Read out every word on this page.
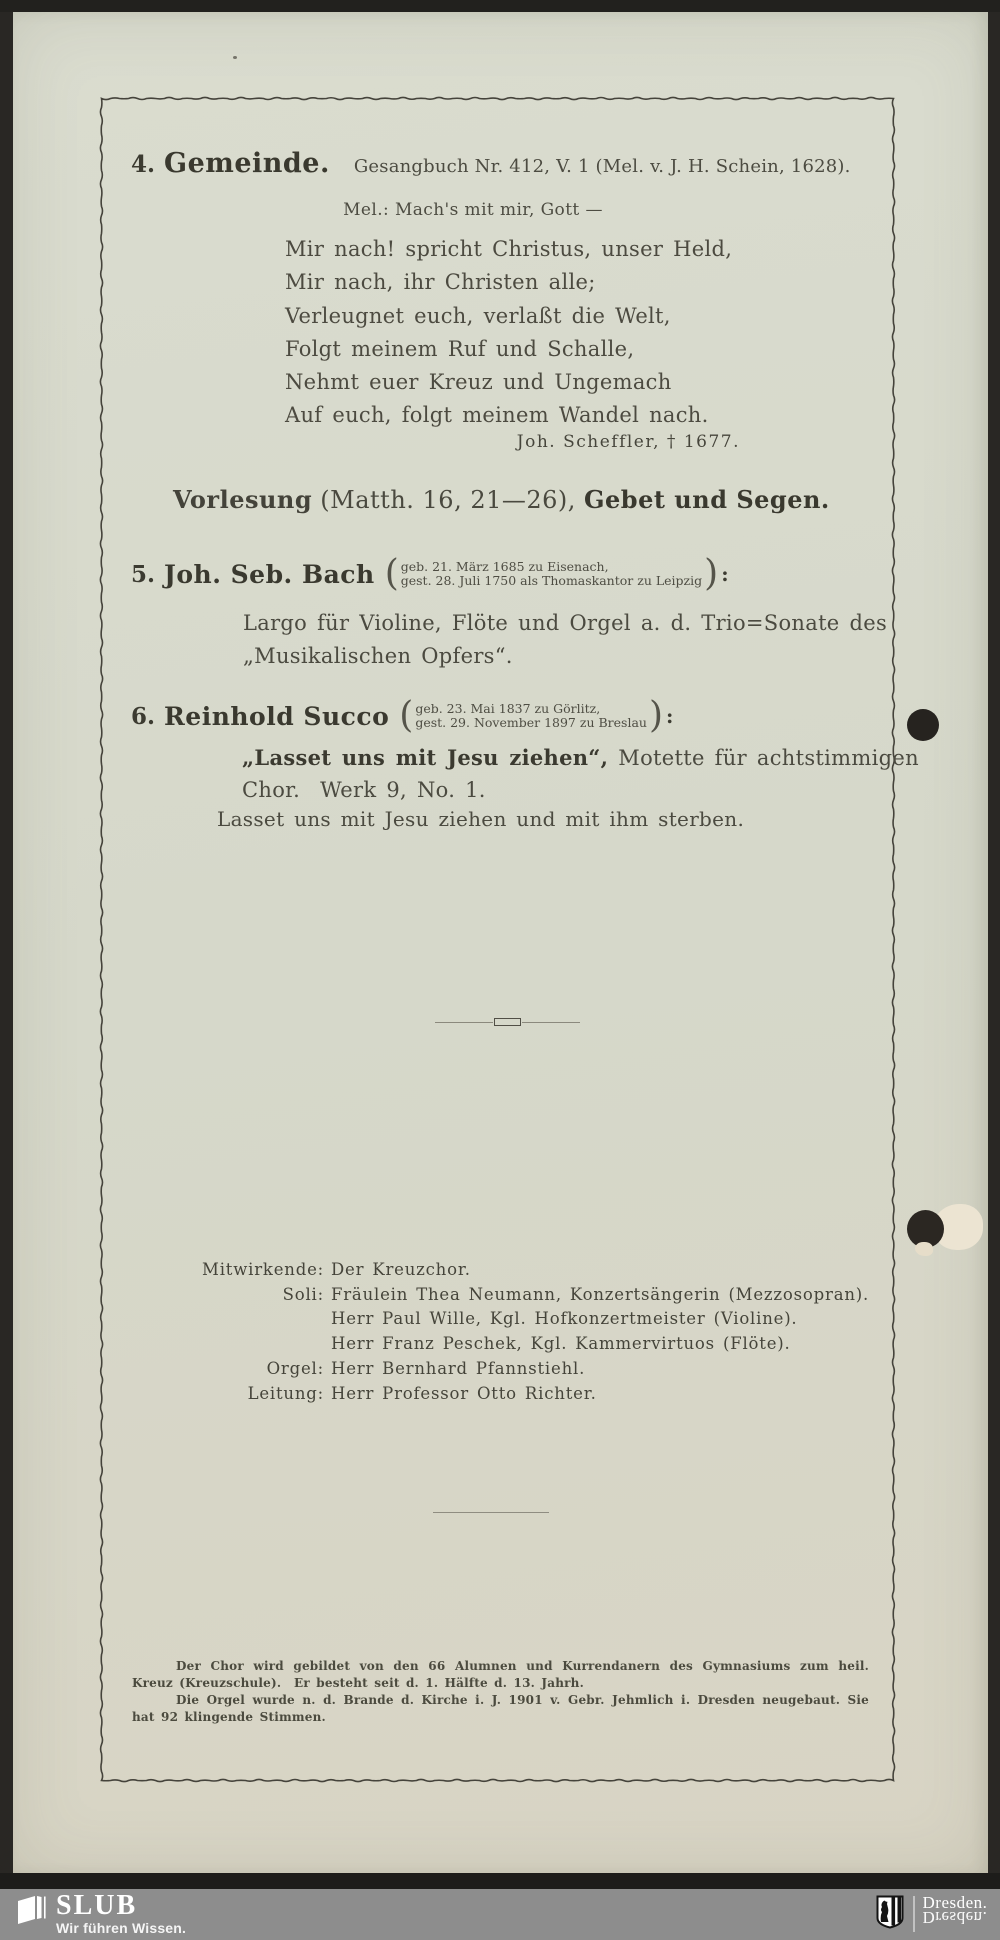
4. Gemeinde. Gesangbuch Nr. 412, V. 1 (Mel. v. J. H. Schein, 1628).
Mel.: Mach's mit mir, Gott —
Mir nach! spricht Christus, unser Held,
Mir nach, ihr Christen alle;
Verleugnet euch, verlaßt die Welt,
Folgt meinem Ruf und Schalle,
Nehmt euer Kreuz und Ungemach
Auf euch, folgt meinem Wandel nach.
Joh. Scheffler, † 1677.
Vorlesung (Matth. 16, 21—26), Gebet und Segen.
5. Joh. Seb. Bach ( geb. 21. März 1685 zu Eisenach,
gest. 28. Juli 1750 als Thomaskantor zu Leipzig ) :
Largo für Violine, Flöte und Orgel a. d. Trio=Sonate des
„Musikalischen Opfers“.
6. Reinhold Succo ( geb. 23. Mai 1837 zu Görlitz,
gest. 29. November 1897 zu Breslau ) :
„Lasset uns mit Jesu ziehen“, Motette für achtstimmigen
Chor.  Werk 9, No. 1.
Lasset uns mit Jesu ziehen und mit ihm sterben.
Mitwirkende: Der Kreuzchor.
Soli: Fräulein Thea Neumann, Konzertsängerin (Mezzosopran).
Herr Paul Wille, Kgl. Hofkonzertmeister (Violine).
Herr Franz Peschek, Kgl. Kammervirtuos (Flöte).
Orgel: Herr Bernhard Pfannstiehl.
Leitung: Herr Professor Otto Richter.

Der Chor wird gebildet von den 66 Alumnen und Kurrendanern des Gymnasiums zum heil. Kreuz (Kreuzschule).  Er besteht seit d. 1. Hälfte d. 13. Jahrh.

Die Orgel wurde n. d. Brande d. Kirche i. J. 1901 v. Gebr. Jehmlich i. Dresden neugebaut. Sie hat 92 klingende Stimmen.

SLUB
Wir führen Wissen.
Dresden.
Dresden.
